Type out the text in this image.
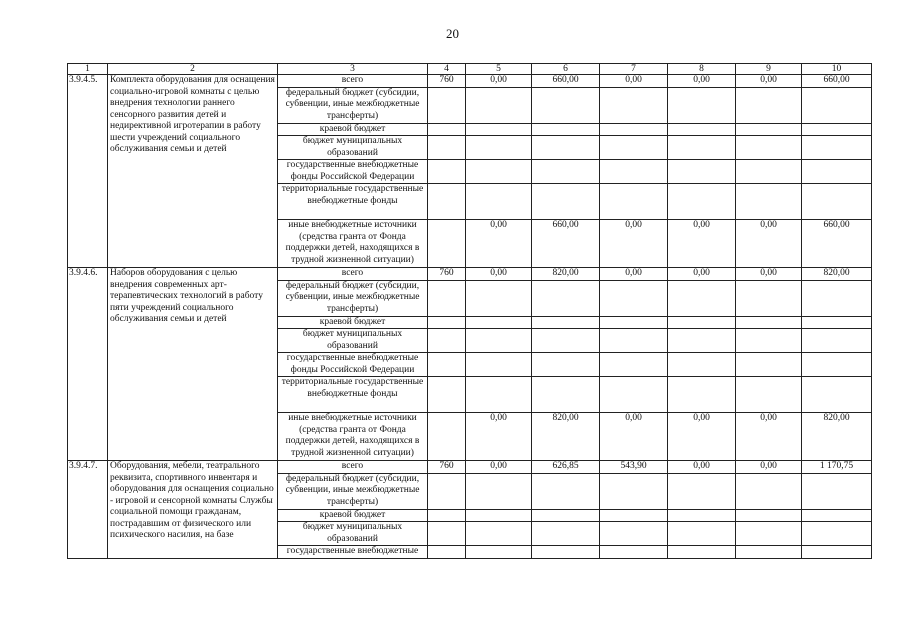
20
1	2	3	4	5	6	7	8	9	10
3.9.4.5.	Комплекта оборудования для оснащения социально-игровой комнаты с целью внедрения технологии раннего сенсорного развития детей и недирективной игротерапии в работу шести учреждений социального обслуживания семьи и детей	всего	760	0,00	660,00	0,00	0,00	0,00	660,00
		федеральный бюджет (субсидии, субвенции, иные межбюджетные трансферты)							
		краевой бюджет							
		бюджет муниципальных образований							
		государственные внебюджетные фонды Российской Федерации							
		территориальные государственные внебюджетные фонды							
		иные внебюджетные источники (средства гранта от Фонда поддержки детей, находящихся в трудной жизненной ситуации)		0,00	660,00	0,00	0,00	0,00	660,00
3.9.4.6.	Наборов оборудования с целью внедрения современных арт-терапевтических технологий в работу пяти учреждений социального обслуживания семьи и детей	всего	760	0,00	820,00	0,00	0,00	0,00	820,00
		федеральный бюджет (субсидии, субвенции, иные межбюджетные трансферты)							
		краевой бюджет							
		бюджет муниципальных образований							
		государственные внебюджетные фонды Российской Федерации							
		территориальные государственные внебюджетные фонды							
		иные внебюджетные источники (средства гранта от Фонда поддержки детей, находящихся в трудной жизненной ситуации)		0,00	820,00	0,00	0,00	0,00	820,00
3.9.4.7.	Оборудования, мебели, театрального реквизита, спортивного инвентаря и оборудования для оснащения социально - игровой и сенсорной комнаты Службы социальной помощи гражданам, пострадавшим от физического или психического насилия, на базе	всего	760	0,00	626,85	543,90	0,00	0,00	1 170,75
		федеральный бюджет (субсидии, субвенции, иные межбюджетные трансферты)							
		краевой бюджет							
		бюджет муниципальных образований							
		государственные внебюджетные							
